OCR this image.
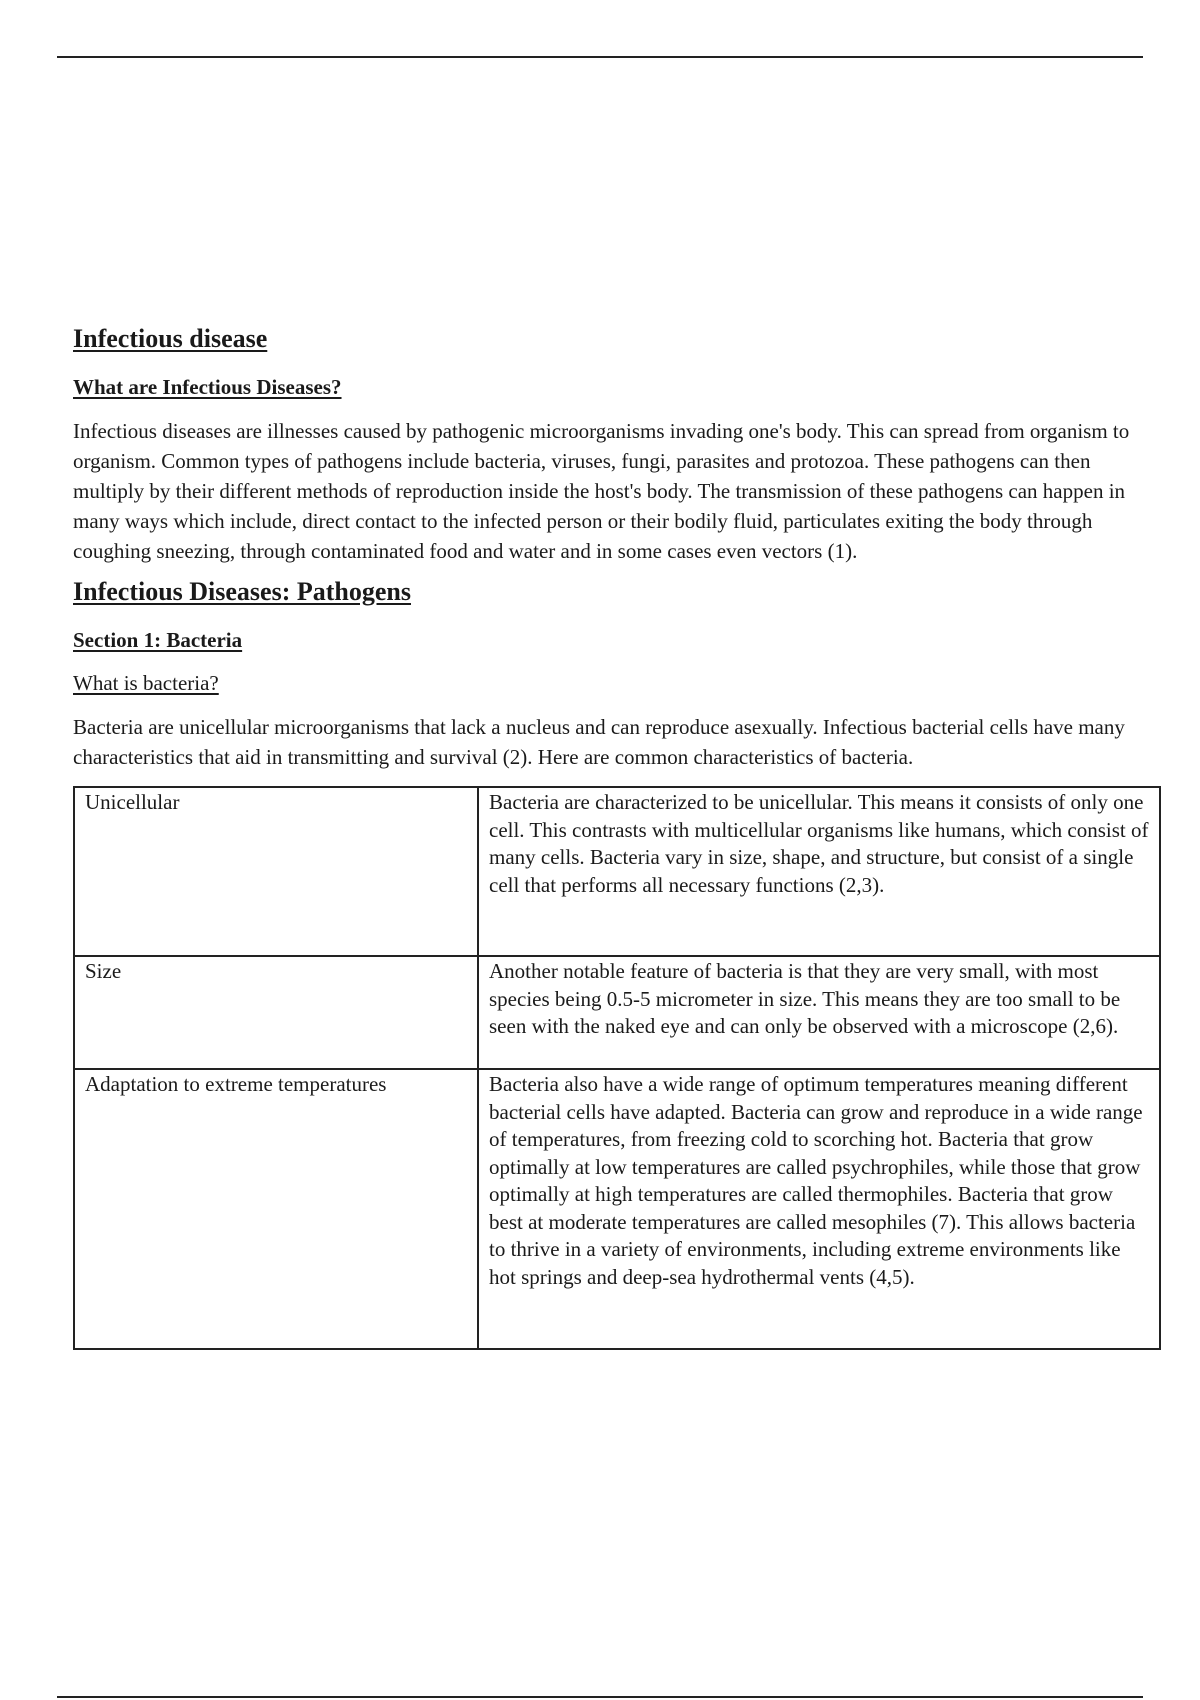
Infectious disease
What are Infectious Diseases?
Infectious diseases are illnesses caused by pathogenic microorganisms invading one's body. This can spread from organism to organism. Common types of pathogens include bacteria, viruses, fungi, parasites and protozoa. These pathogens can then multiply by their different methods of reproduction inside the host's body. The transmission of these pathogens can happen in many ways which include, direct contact to the infected person or their bodily fluid, particulates exiting the body through coughing sneezing, through contaminated food and water and in some cases even vectors (1).
Infectious Diseases: Pathogens
Section 1: Bacteria
What is bacteria?
Bacteria are unicellular microorganisms that lack a nucleus and can reproduce asexually. Infectious bacterial cells have many characteristics that aid in transmitting and survival (2). Here are common characteristics of bacteria.
Unicellular	Bacteria are characterized to be unicellular. This means it consists of only one cell. This contrasts with multicellular organisms like humans, which consist of many cells. Bacteria vary in size, shape, and structure, but consist of a single cell that performs all necessary functions (2,3).
Size	Another notable feature of bacteria is that they are very small, with most species being 0.5-5 micrometer in size. This means they are too small to be seen with the naked eye and can only be observed with a microscope (2,6).
Adaptation to extreme temperatures	Bacteria also have a wide range of optimum temperatures meaning different bacterial cells have adapted. Bacteria can grow and reproduce in a wide range of temperatures, from freezing cold to scorching hot. Bacteria that grow optimally at low temperatures are called psychrophiles, while those that grow optimally at high temperatures are called thermophiles. Bacteria that grow best at moderate temperatures are called mesophiles (7). This allows bacteria to thrive in a variety of environments, including extreme environments like hot springs and deep-sea hydrothermal vents (4,5).
